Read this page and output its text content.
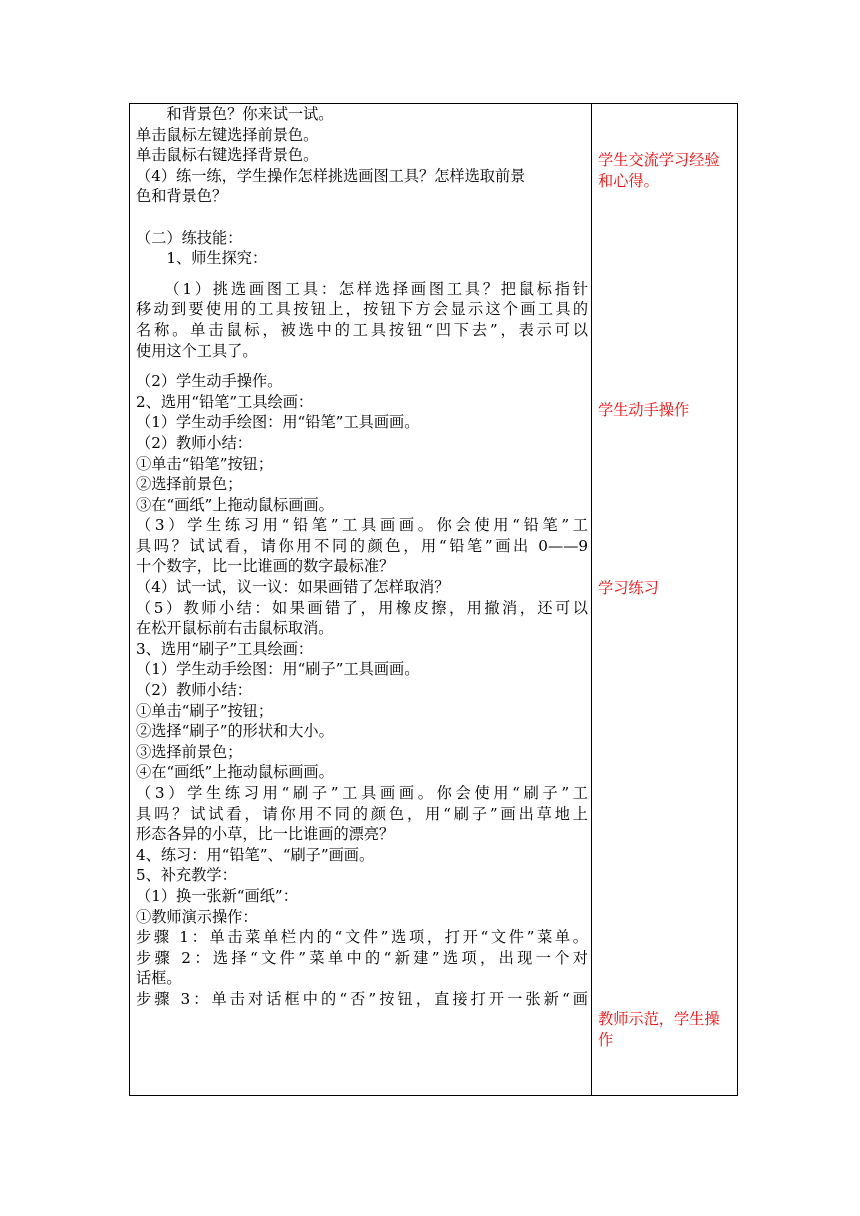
　　和背景色？你来试一试。
单击鼠标左键选择前景色。
单击鼠标右键选择背景色。
（4）练一练，学生操作怎样挑选画图工具？怎样选取前景
色和背景色？
（二）练技能：
　　1、师生探究：
　　（1）挑选画图工具：怎样选择画图工具？把鼠标指针
移动到要使用的工具按钮上，按钮下方会显示这个画工具的
名称。单击鼠标，被选中的工具按钮“凹下去”，表示可以
使用这个工具了。
（2）学生动手操作。
2、选用“铅笔”工具绘画：
（1）学生动手绘图：用“铅笔”工具画画。
（2）教师小结：
①单击“铅笔”按钮；
②选择前景色；
③在“画纸”上拖动鼠标画画。
（3）学生练习用“铅笔”工具画画。你会使用“铅笔”工
具吗？试试看，请你用不同的颜色，用“铅笔”画出 0——9
十个数字，比一比谁画的数字最标准？
（4）试一试，议一议：如果画错了怎样取消？
（5）教师小结：如果画错了，用橡皮擦，用撤消，还可以
在松开鼠标前右击鼠标取消。
3、选用“刷子”工具绘画：
（1）学生动手绘图：用“刷子”工具画画。
（2）教师小结：
①单击“刷子”按钮；
②选择“刷子”的形状和大小。
③选择前景色；
④在“画纸”上拖动鼠标画画。
（3）学生练习用“刷子”工具画画。你会使用“刷子”工
具吗？试试看，请你用不同的颜色，用“刷子”画出草地上
形态各异的小草，比一比谁画的漂亮？
4、练习：用“铅笔”、“刷子”画画。
5、补充教学：
（1）换一张新“画纸”：
①教师演示操作：
步骤 1：单击菜单栏内的“文件”选项，打开“文件”菜单。
步骤 2：选择“文件”菜单中的“新建”选项，出现一个对
话框。
步骤 3：单击对话框中的“否”按钮，直接打开一张新“画
学生交流学习经验和心得。
学生动手操作
学习练习
教师示范，学生操作
